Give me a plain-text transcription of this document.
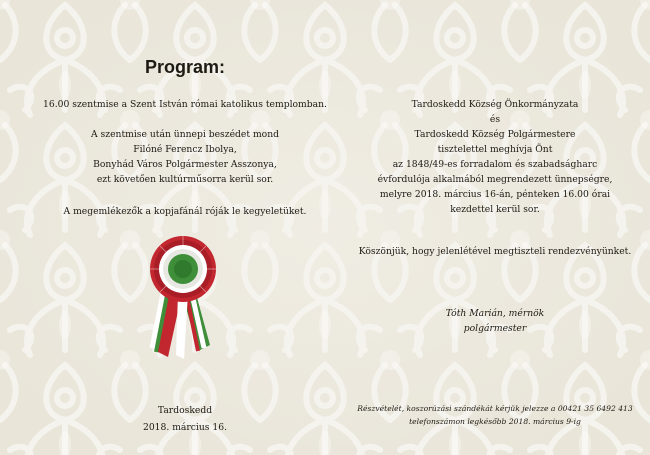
Program:

16.00 szentmise a Szent István római katolikus templomban.

A szentmise után ünnepi beszédet mond

Filóné Ferencz Ibolya,

Bonyhád Város Polgármester Asszonya,

ezt követően kultúrműsorra kerül sor.

A megemlékezők a kopjafánál róják le kegyeletüket.

Tardoskedd

2018. március 16.

Tardoskedd Község Önkormányzata

és

Tardoskedd Község Polgármestere

tisztelettel meghívja Önt

az 1848/49-es forradalom és szabadságharc

évfordulója alkalmából megrendezett ünnepségre,

melyre 2018. március 16-án, pénteken 16.00 órai

kezdettel kerül sor.

Köszönjük, hogy jelenlétével megtiszteli rendezvényünket.

Tóth Marián, mérnök

polgármester

Részvételét, koszorúzási szándékát kérjük jelezze a 00421 35 6492 413

telefonszámon legkésőbb 2018. március 9-ig
